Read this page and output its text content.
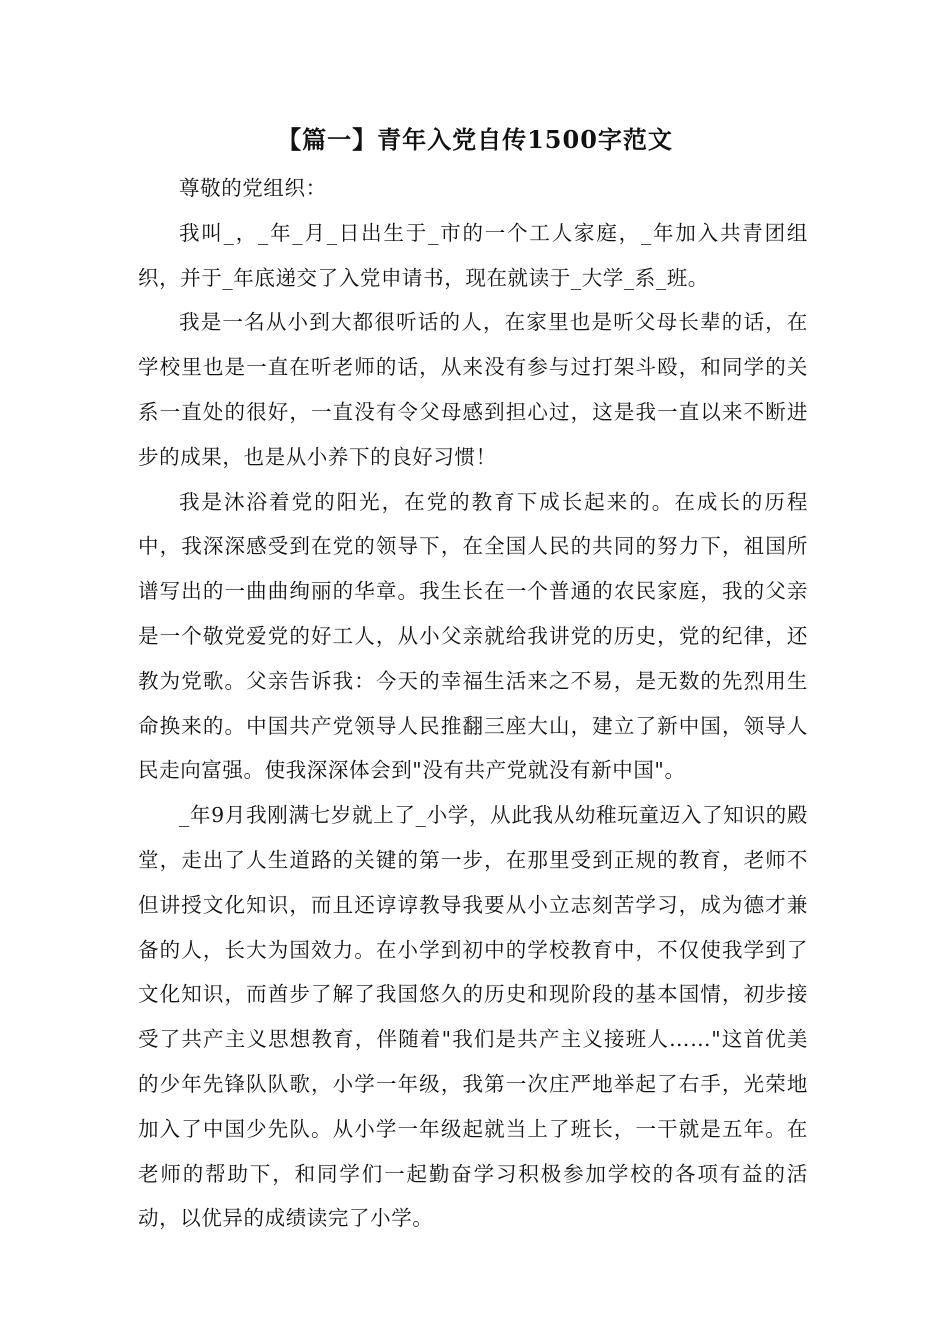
【篇一】青年入党自传1500字范文

尊敬的党组织：

我叫_，_年_月_日出生于_市的一个工人家庭，_年加入共青团组织，并于_年底递交了入党申请书，现在就读于_大学_系_班。

我是一名从小到大都很听话的人，在家里也是听父母长辈的话，在学校里也是一直在听老师的话，从来没有参与过打架斗殴，和同学的关系一直处的很好，一直没有令父母感到担心过，这是我一直以来不断进步的成果，也是从小养下的良好习惯！

我是沐浴着党的阳光，在党的教育下成长起来的。在成长的历程中，我深深感受到在党的领导下，在全国人民的共同的努力下，祖国所谱写出的一曲曲绚丽的华章。我生长在一个普通的农民家庭，我的父亲是一个敬党爱党的好工人，从小父亲就给我讲党的历史，党的纪律，还教为党歌。父亲告诉我：今天的幸福生活来之不易，是无数的先烈用生命换来的。中国共产党领导人民推翻三座大山，建立了新中国，领导人民走向富强。使我深深体会到"没有共产党就没有新中国"。

_年9月我刚满七岁就上了_小学，从此我从幼稚玩童迈入了知识的殿堂，走出了人生道路的关键的第一步，在那里受到正规的教育，老师不但讲授文化知识，而且还谆谆教导我要从小立志刻苦学习，成为德才兼备的人，长大为国效力。在小学到初中的学校教育中，不仅使我学到了文化知识，而酋步了解了我国悠久的历史和现阶段的基本国情，初步接受了共产主义思想教育，伴随着"我们是共产主义接班人……"这首优美的少年先锋队队歌，小学一年级，我第一次庄严地举起了右手，光荣地加入了中国少先队。从小学一年级起就当上了班长，一干就是五年。在老师的帮助下，和同学们一起勤奋学习积极参加学校的各项有益的活动，以优异的成绩读完了小学。
